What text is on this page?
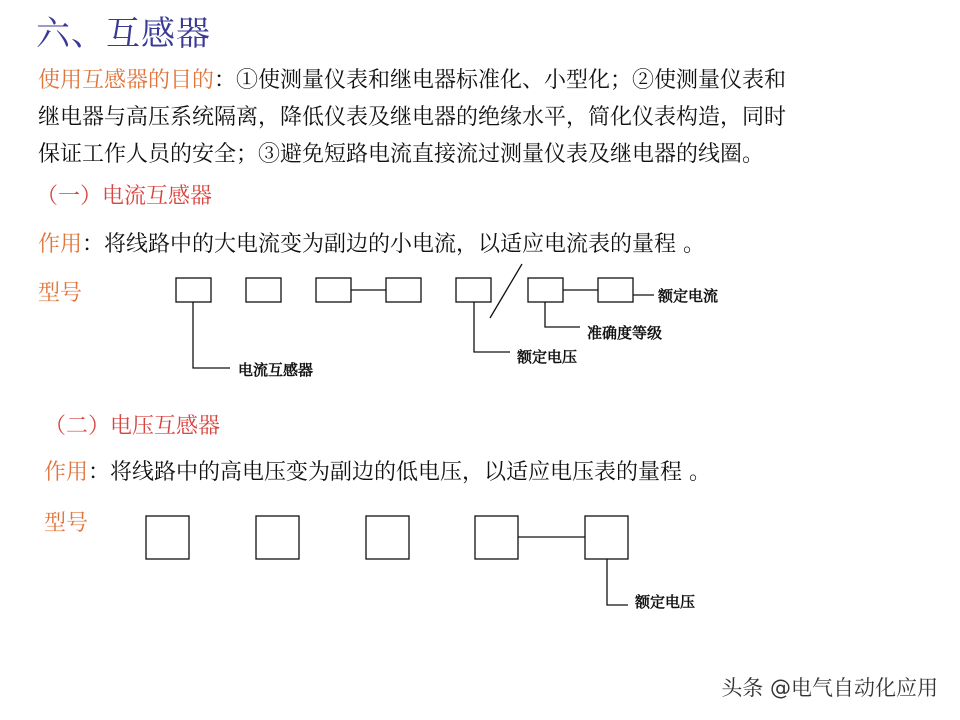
六、互感器
使用互感器的目的：①使测量仪表和继电器标准化、小型化；②使测量仪表和
继电器与高压系统隔离，降低仪表及继电器的绝缘水平，简化仪表构造，同时
保证工作人员的安全；③避免短路电流直接流过测量仪表及继电器的线圈。
（一）电流互感器
作用：将线路中的大电流变为副边的小电流，以适应电流表的量程 。
型号
（二）电压互感器
作用：将线路中的高电压变为副边的低电压，以适应电压表的量程 。
型号
额定电流
准确度等级
额定电压
电流互感器
额定电压
头条 @电气自动化应用
